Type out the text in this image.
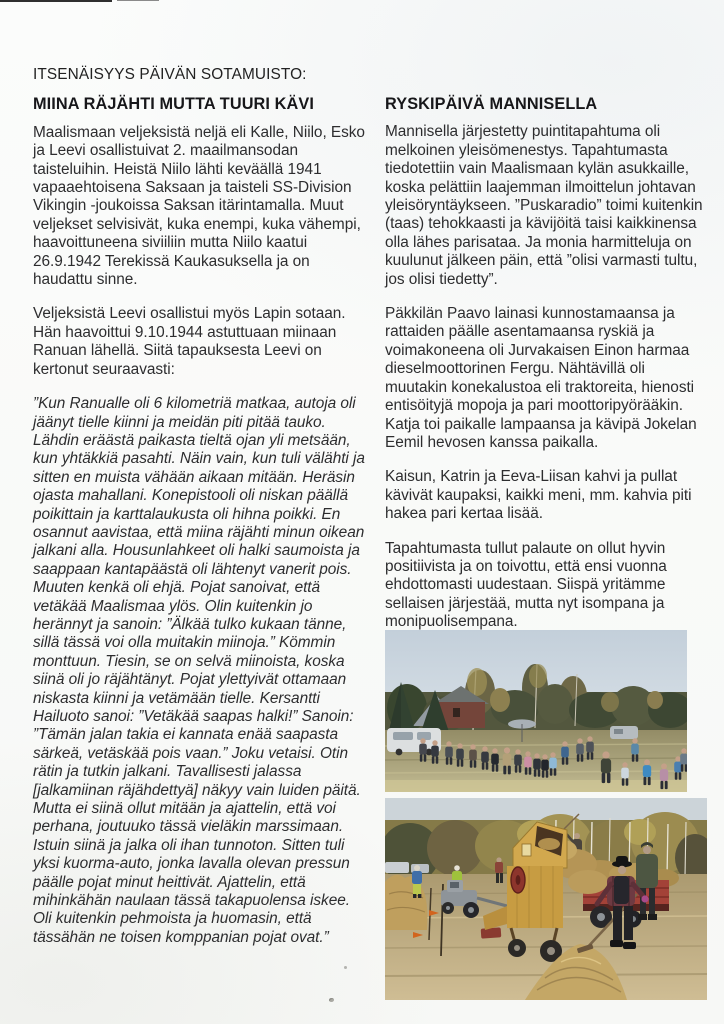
ITSENÄISYYS PÄIVÄN SOTAMUISTO:
MIINA RÄJÄHTI MUTTA TUURI KÄVI

Maalismaan veljeksistä neljä eli Kalle, Niilo, Esko ja Leevi osallistuivat 2. maailmansodan taisteluihin. Heistä Niilo lähti keväällä 1941 vapaaehtoisena Saksaan ja taisteli SS-Division Vikingin -joukoissa Saksan itärintamalla. Muut veljekset selvisivät, kuka enempi, kuka vähempi, haavoittuneena siviiliin mutta Niilo kaatui 26.9.1942 Terekissä Kaukasuksella ja on haudattu sinne.

Veljeksistä Leevi osallistui myös Lapin sotaan. Hän haavoittui 9.10.1944 astuttuaan miinaan Ranuan lähellä. Siitä tapauksesta Leevi on kertonut seuraavasti:

”Kun Ranualle oli 6 kilometriä matkaa, autoja oli jäänyt tielle kiinni ja meidän piti pitää tauko. Lähdin eräästä paikasta tieltä ojan yli metsään, kun yhtäkkiä pasahti. Näin vain, kun tuli välähti ja sitten en muista vähään aikaan mitään. Heräsin ojasta mahallani. Konepistooli oli niskan päällä poikittain ja karttalaukusta oli hihna poikki. En osannut aavistaa, että miina räjähti minun oikean jalkani alla. Housunlahkeet oli halki saumoista ja saappaan kantapäästä oli lähtenyt vanerit pois. Muuten kenkä oli ehjä. Pojat sanoivat, että vetäkää Maalismaa ylös. Olin kuitenkin jo herännyt ja sanoin: ”Älkää tulko kukaan tänne, sillä tässä voi olla muitakin miinoja.” Kömmin monttuun. Tiesin, se on selvä miinoista, koska siinä oli jo räjähtänyt. Pojat ylettyivät ottamaan niskasta kiinni ja vetämään tielle. Kersantti Hailuoto sanoi: ”Vetäkää saapas halki!” Sanoin: ”Tämän jalan takia ei kannata enää saapasta särkeä, vetäskää pois vaan.” Joku vetaisi. Otin rätin ja tutkin jalkani. Tavallisesti jalassa [jalkamiinan räjähdettyä] näkyy vain luiden päitä. Mutta ei siinä ollut mitään ja ajattelin, että voi perhana, joutuuko tässä vieläkin marssimaan. Istuin siinä ja jalka oli ihan tunnoton. Sitten tuli yksi kuorma-auto, jonka lavalla olevan pressun päälle pojat minut heittivät. Ajattelin, että mihinkähän naulaan tässä takapuolensa iskee. Oli kuitenkin pehmoista ja huomasin, että tässähän ne toisen komppanian pojat ovat.”

RYSKIPÄIVÄ MANNISELLA

Mannisella järjestetty puintitapahtuma oli melkoinen yleisömenestys. Tapahtumasta tiedotettiin vain Maalismaan kylän asukkaille, koska pelättiin laajemman ilmoittelun johtavan yleisöryntäykseen. ”Puskaradio” toimi kuitenkin (taas) tehokkaasti ja kävijöitä taisi kaikkinensa olla lähes parisataa. Ja monia harmitteluja on kuulunut jälkeen päin, että ”olisi varmasti tultu, jos olisi tiedetty”.

Päkkilän Paavo lainasi kunnostamaansa ja rattaiden päälle asentamaansa ryskiä ja voimakoneena oli Jurvakaisen Einon harmaa dieselmoottorinen Fergu. Nähtävillä oli muutakin konekalustoa eli traktoreita, hienosti entisöityjä mopoja ja pari moottoripyörääkin. Katja toi paikalle lampaansa ja kävipä Jokelan Eemil hevosen kanssa paikalla.

Kaisun, Katrin ja Eeva-Liisan kahvi ja pullat kävivät kaupaksi, kaikki meni, mm. kahvia piti hakea pari kertaa lisää.

Tapahtumasta tullut palaute on ollut hyvin positiivista ja on toivottu, että ensi vuonna ehdottomasti uudestaan. Siispä yritämme sellaisen järjestää, mutta nyt isompana ja monipuolisempana.
